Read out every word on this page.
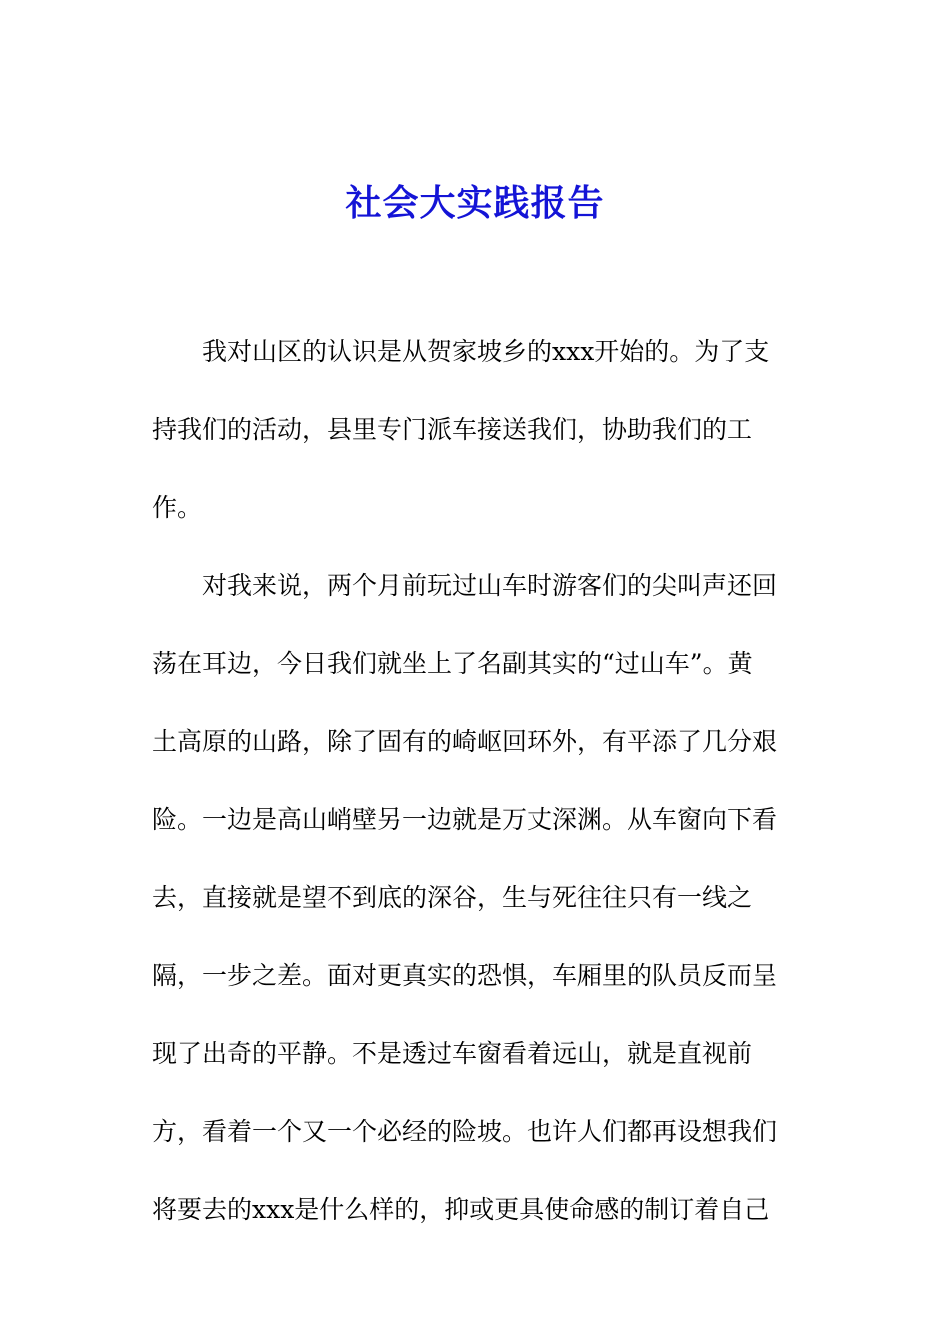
社会大实践报告
我对山区的认识是从贺家坡乡的xxx开始的。为了支
持我们的活动，县里专门派车接送我们，协助我们的工
作。
对我来说，两个月前玩过山车时游客们的尖叫声还回
荡在耳边，今日我们就坐上了名副其实的“过山车”。黄
土高原的山路，除了固有的崎岖回环外，有平添了几分艰
险。一边是高山峭壁另一边就是万丈深渊。从车窗向下看
去，直接就是望不到底的深谷，生与死往往只有一线之
隔，一步之差。面对更真实的恐惧，车厢里的队员反而呈
现了出奇的平静。不是透过车窗看着远山，就是直视前
方，看着一个又一个必经的险坡。也许人们都再设想我们
将要去的xxx是什么样的，抑或更具使命感的制订着自己
